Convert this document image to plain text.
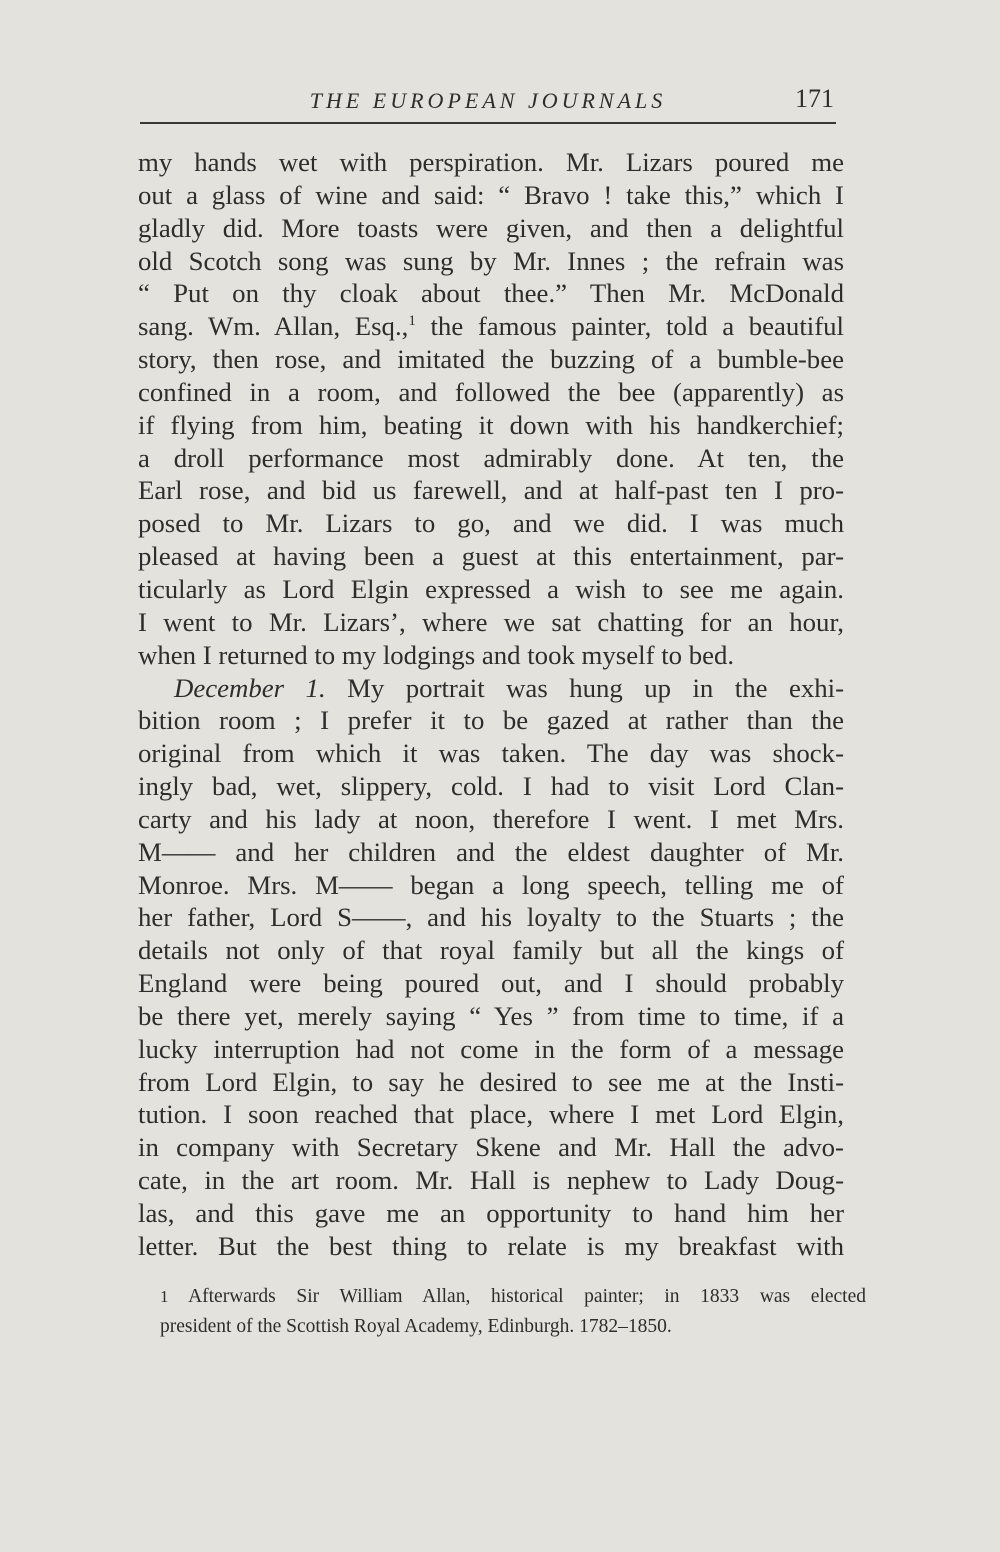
THE EUROPEAN JOURNALS	171
my hands wet with perspiration. Mr. Lizars poured me
out a glass of wine and said: “ Bravo ! take this,” which I
gladly did. More toasts were given, and then a delightful
old Scotch song was sung by Mr. Innes ; the refrain was
“ Put on thy cloak about thee.” Then Mr. McDonald
sang. Wm. Allan, Esq.,$^1$ the famous painter, told a beautiful
story, then rose, and imitated the buzzing of a bumble-bee
confined in a room, and followed the bee (apparently) as
if flying from him, beating it down with his handkerchief;
a droll performance most admirably done. At ten, the
Earl rose, and bid us farewell, and at half-past ten I pro-
posed to Mr. Lizars to go, and we did. I was much
pleased at having been a guest at this entertainment, par-
ticularly as Lord Elgin expressed a wish to see me again.
I went to Mr. Lizars’, where we sat chatting for an hour,
when I returned to my lodgings and took myself to bed.
December 1. My portrait was hung up in the exhi-
bition room ; I prefer it to be gazed at rather than the
original from which it was taken. The day was shock-
ingly bad, wet, slippery, cold. I had to visit Lord Clan-
carty and his lady at noon, therefore I went. I met Mrs.
M—— and her children and the eldest daughter of Mr.
Monroe. Mrs. M—— began a long speech, telling me of
her father, Lord S——, and his loyalty to the Stuarts ; the
details not only of that royal family but all the kings of
England were being poured out, and I should probably
be there yet, merely saying “ Yes ” from time to time, if a
lucky interruption had not come in the form of a message
from Lord Elgin, to say he desired to see me at the Insti-
tution. I soon reached that place, where I met Lord Elgin,
in company with Secretary Skene and Mr. Hall the advo-
cate, in the art room. Mr. Hall is nephew to Lady Doug-
las, and this gave me an opportunity to hand him her
letter. But the best thing to relate is my breakfast with
1 Afterwards Sir William Allan, historical painter; in 1833 was elected
president of the Scottish Royal Academy, Edinburgh. 1782–1850.
